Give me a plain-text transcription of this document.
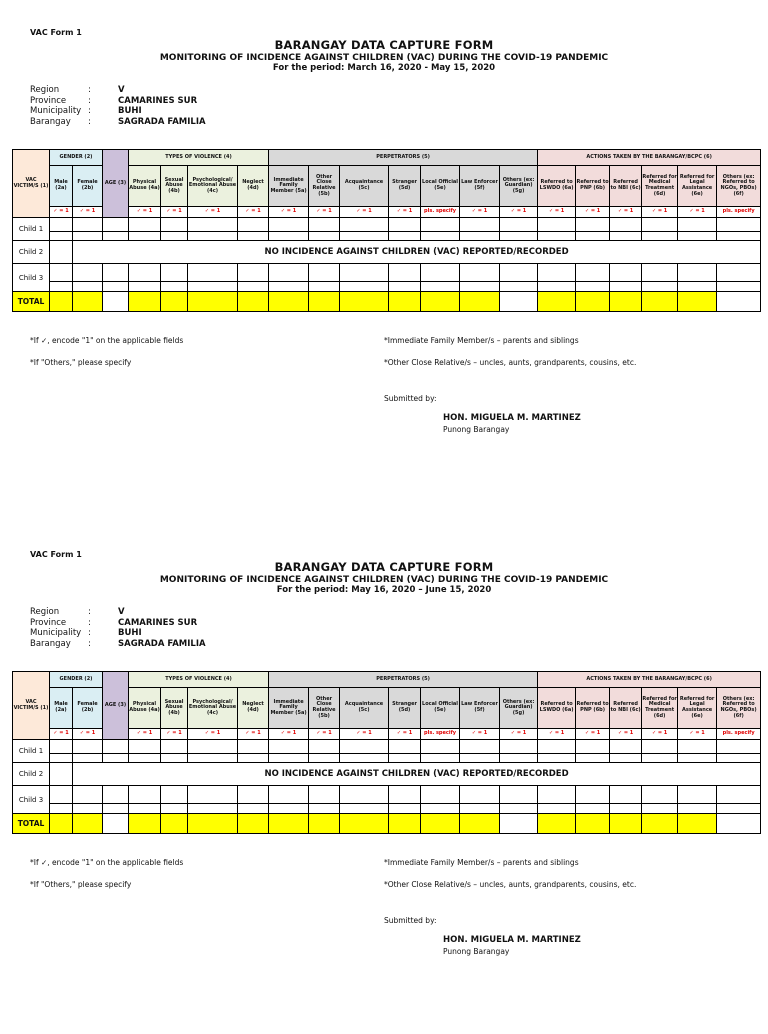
VAC Form 1
BARANGAY DATA CAPTURE FORM
MONITORING OF INCIDENCE AGAINST CHILDREN (VAC) DURING THE COVID-19 PANDEMIC
For the period: March 16, 2020 - May 15, 2020
Region	:	V
Province	:	CAMARINES SUR
Municipality :	BUHI
Barangay	:	SAGRADA FAMILIA
VAC VICTIM/S (1)	GENDER (2)		AGE (3)	TYPES OF VIOLENCE (4)				PERPETRATORS (5)							ACTIONS TAKEN BY THE BARANGAY/BCPC (6)					
	Male (2a)	Female (2b)		Physical Abuse (4a)	Sexual Abuse (4b)	Psychological/ Emotional Abuse (4c)	Neglect (4d)	Immediate Family Member (5a)	Other Close Relative (5b)	Acquaintance (5c)	Stranger (5d)	Local Official (5e)	Law Enforcer (5f)	Others (ex: Guardian) (5g)	Referred to LSWDO (6a)	Referred to PNP (6b)	Referred to NBI (6c)	Referred for Medical Treatment (6d)	Referred for Legal Assistance (6e)	Others (ex: Referred to NGOs, PBOs) (6f)
	✓ = 1	✓ = 1		✓ = 1	✓ = 1	✓ = 1	✓ = 1	✓ = 1	✓ = 1	✓ = 1	✓ = 1	pls. specify	✓ = 1	✓ = 1	✓ = 1	✓ = 1	✓ = 1	✓ = 1	✓ = 1	pls. specify
Child 1																				

Child 2		NO INCIDENCE AGAINST CHILDREN (VAC) REPORTED/RECORDED																		
Child 3																				

TOTAL																				
*If ✓, encode "1" on the applicable fields
*If "Others," please specify
*Immediate Family Member/s – parents and siblings
*Other Close Relative/s – uncles, aunts, grandparents, cousins, etc.
Submitted by:
HON. MIGUELA M. MARTINEZ
Punong Barangay
VAC Form 1
BARANGAY DATA CAPTURE FORM
MONITORING OF INCIDENCE AGAINST CHILDREN (VAC) DURING THE COVID-19 PANDEMIC
For the period: May 16, 2020 – June 15, 2020
Region	:	V
Province	:	CAMARINES SUR
Municipality :	BUHI
Barangay	:	SAGRADA FAMILIA
VAC VICTIM/S (1)	GENDER (2)		AGE (3)	TYPES OF VIOLENCE (4)				PERPETRATORS (5)							ACTIONS TAKEN BY THE BARANGAY/BCPC (6)					
	Male (2a)	Female (2b)		Physical Abuse (4a)	Sexual Abuse (4b)	Psychological/ Emotional Abuse (4c)	Neglect (4d)	Immediate Family Member (5a)	Other Close Relative (5b)	Acquaintance (5c)	Stranger (5d)	Local Official (5e)	Law Enforcer (5f)	Others (ex: Guardian) (5g)	Referred to LSWDO (6a)	Referred to PNP (6b)	Referred to NBI (6c)	Referred for Medical Treatment (6d)	Referred for Legal Assistance (6e)	Others (ex: Referred to NGOs, PBOs) (6f)
	✓ = 1	✓ = 1		✓ = 1	✓ = 1	✓ = 1	✓ = 1	✓ = 1	✓ = 1	✓ = 1	✓ = 1	pls. specify	✓ = 1	✓ = 1	✓ = 1	✓ = 1	✓ = 1	✓ = 1	✓ = 1	pls. specify
Child 1																				

Child 2		NO INCIDENCE AGAINST CHILDREN (VAC) REPORTED/RECORDED																		
Child 3																				

TOTAL																				
*If ✓, encode "1" on the applicable fields
*If "Others," please specify
*Immediate Family Member/s – parents and siblings
*Other Close Relative/s – uncles, aunts, grandparents, cousins, etc.
Submitted by:
HON. MIGUELA M. MARTINEZ
Punong Barangay
